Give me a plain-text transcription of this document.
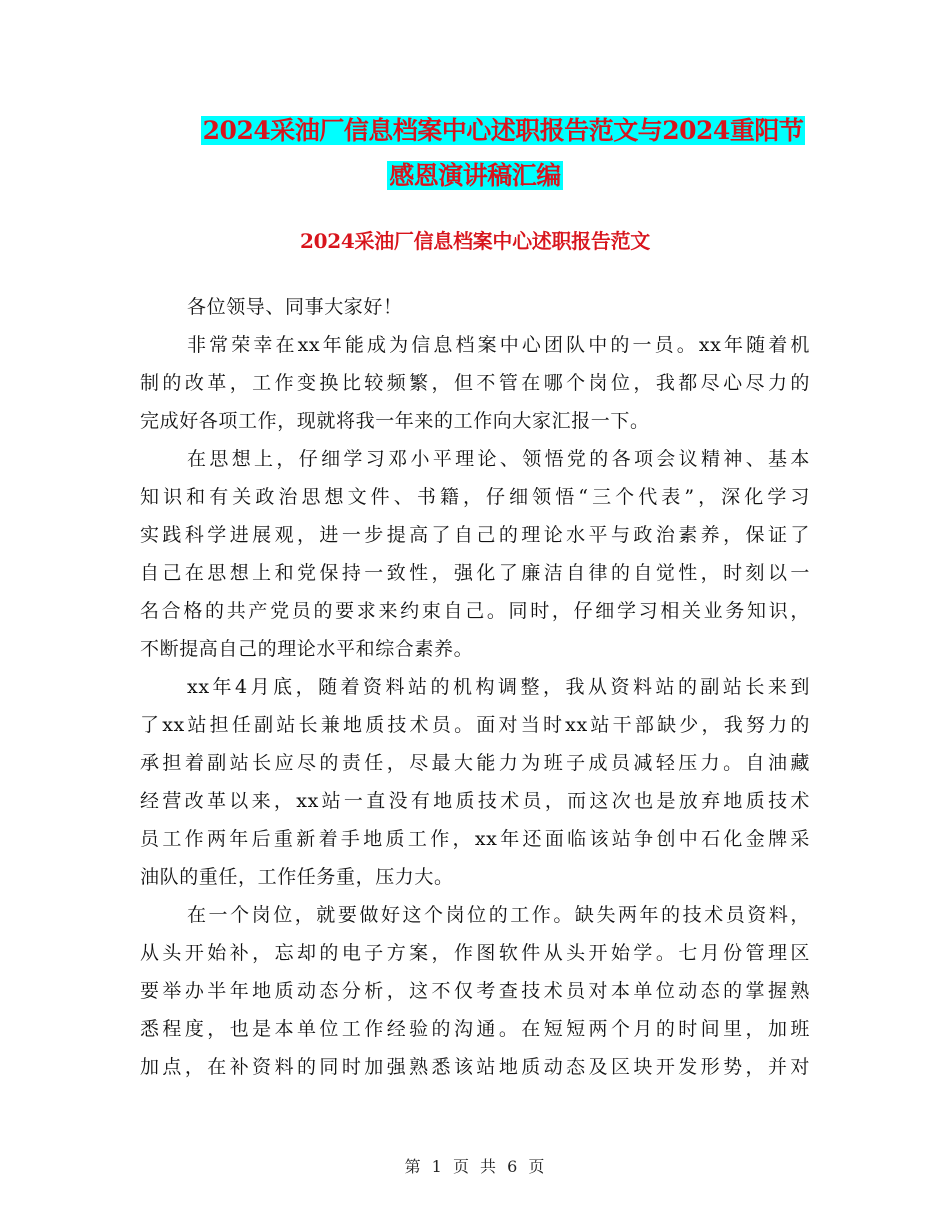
2024采油厂信息档案中心述职报告范文与2024重阳节
感恩演讲稿汇编
2024采油厂信息档案中心述职报告范文
各位领导、同事大家好！
非常荣幸在xx年能成为信息档案中心团队中的一员。xx年随着机
制的改革，工作变换比较频繁，但不管在哪个岗位，我都尽心尽力的
完成好各项工作，现就将我一年来的工作向大家汇报一下。
在思想上，仔细学习邓小平理论、领悟党的各项会议精神、基本
知识和有关政治思想文件、书籍，仔细领悟“三个代表”，深化学习
实践科学进展观，进一步提高了自己的理论水平与政治素养，保证了
自己在思想上和党保持一致性，强化了廉洁自律的自觉性，时刻以一
名合格的共产党员的要求来约束自己。同时，仔细学习相关业务知识，
不断提高自己的理论水平和综合素养。
xx年4月底，随着资料站的机构调整，我从资料站的副站长来到
了xx站担任副站长兼地质技术员。面对当时xx站干部缺少，我努力的
承担着副站长应尽的责任，尽最大能力为班子成员减轻压力。自油藏
经营改革以来，xx站一直没有地质技术员，而这次也是放弃地质技术
员工作两年后重新着手地质工作，xx年还面临该站争创中石化金牌采
油队的重任，工作任务重，压力大。
在一个岗位，就要做好这个岗位的工作。缺失两年的技术员资料，
从头开始补，忘却的电子方案，作图软件从头开始学。七月份管理区
要举办半年地质动态分析，这不仅考查技术员对本单位动态的掌握熟
悉程度，也是本单位工作经验的沟通。在短短两个月的时间里，加班
加点，在补资料的同时加强熟悉该站地质动态及区块开发形势，并对
第 1 页 共 6 页
